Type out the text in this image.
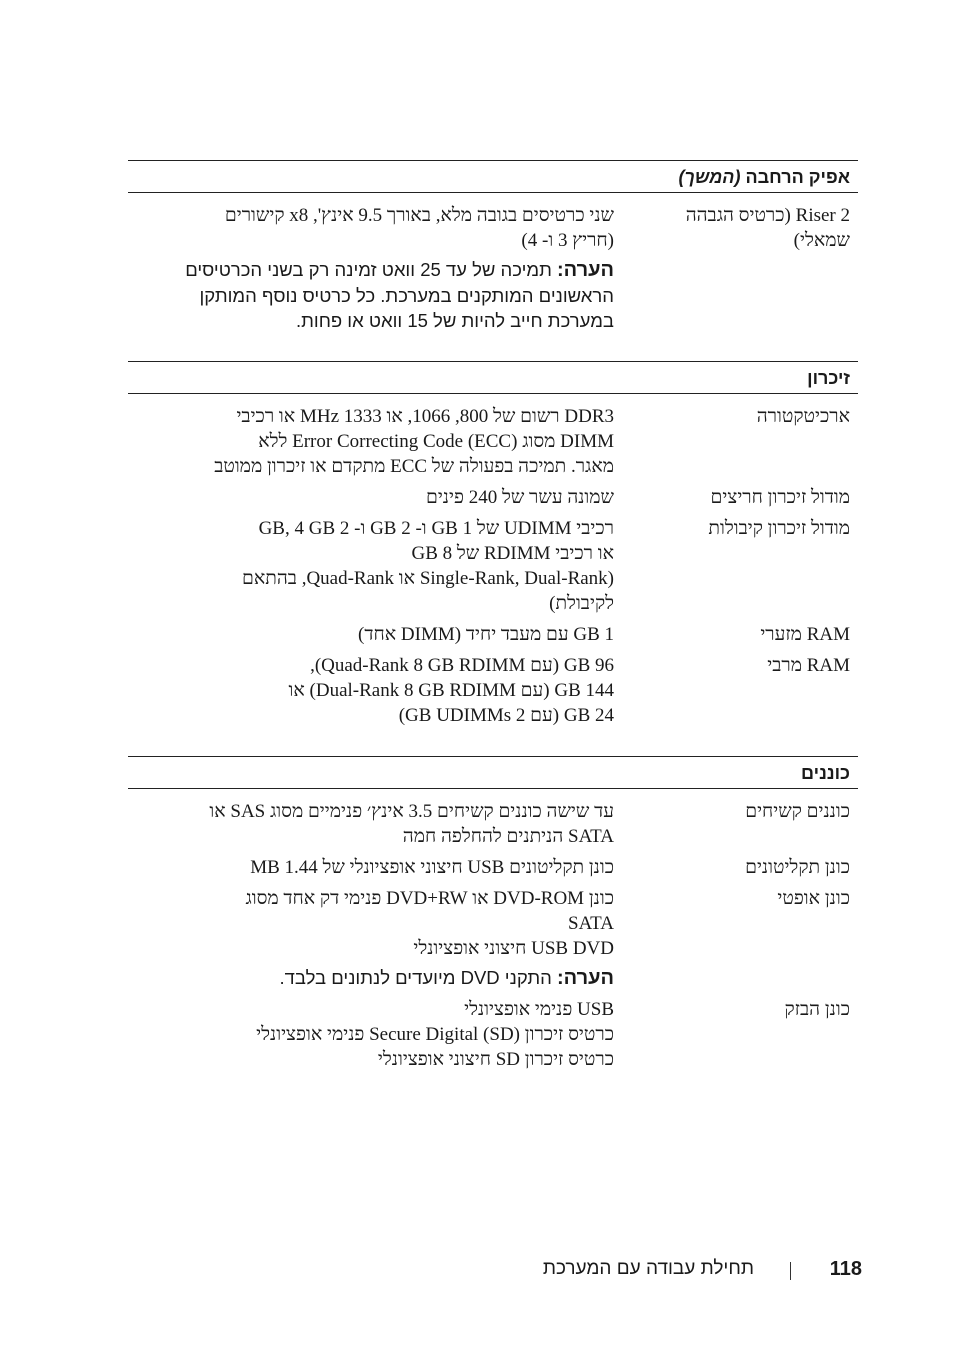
אפיק הרחבה (המשך)
Riser 2 (כרטיס הגבהה
שמאלי)
שני כרטיסים בגובה מלא, באורך 9.5 אינץ', x8 קישורים
(חריץ 3 ו- 4)
הערה: תמיכה של עד 25 וואט זמינה רק בשני הכרטיסים הראשונים המותקנים במערכת. כל כרטיס נוסף המותקן במערכת חייב להיות של 15 וואט או פחות.
זיכרון
ארכיטקטורה
DDR3 רשום של 800, 1066, או 1333 MHz או רכיבי
DIMM מסוג Error Correcting Code (ECC) ללא
מאגר. תמיכה בפעולה של ECC מתקדם או זיכרון ממוטב
מודול זיכרון חריצים
שמונה עשר של 240 פינים
מודול זיכרון קיבולות
רכיבי UDIMM של 1 GB ו- 2 GB ו- 2 GB, 4 GB
או רכיבי RDIMM של 8 GB
(Single-Rank, Dual-Rank או Quad-Rank, בהתאם
לקיבולת)
RAM מזערי
1 GB עם מעבד יחיד (DIMM אחד)
RAM מרבי
96 GB (עם Quad-Rank 8 GB RDIMM),
144 GB (עם Dual-Rank 8 GB RDIMM) או
24 GB (עם 2 GB UDIMMs)
כוננים
כוננים קשיחים
עד שישה כוננים קשיחים 3.5 אינץ׳ פנימיים מסוג SAS או
SATA הניתנים להחלפה חמה
כונן תקליטונים
כונן תקליטונים USB חיצוני אופציונלי של 1.44 MB
כונן אופטי
כונן DVD-ROM או DVD+RW פנימי דק אחד מסוג
SATA
USB DVD חיצוני אופציונלי
הערה: התקני DVD מיועדים לנתונים בלבד.
כונן הבזק
USB פנימי אופציונלי
כרטיס זיכרון Secure Digital (SD) פנימי אופציונלי
כרטיס זיכרון SD חיצוני אופציונלי
118
תחילת עבודה עם המערכת
